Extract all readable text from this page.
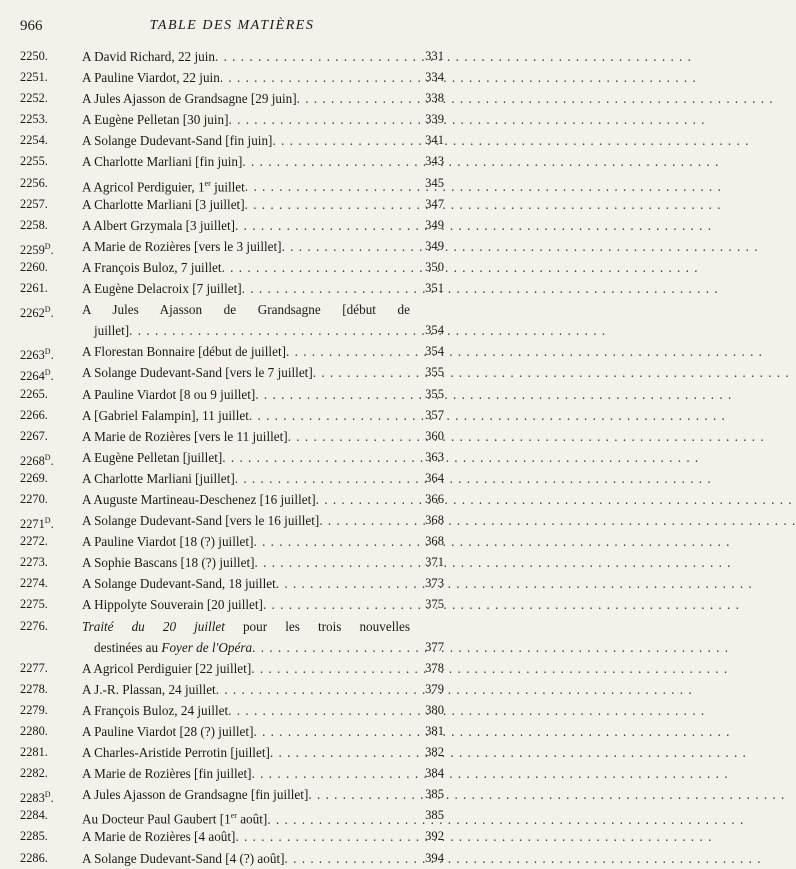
966	TABLE DES MATIÈRES
2250.	A David Richard, 22 juin . . .	331
2251.	A Pauline Viardot, 22 juin . . .	334
2252.	A Jules Ajasson de Grandsagne [29 juin] . . .	338
2253.	A Eugène Pelletan [30 juin] . . .	339
2254.	A Solange Dudevant-Sand [fin juin] . . .	341
2255.	A Charlotte Marliani [fin juin] . . .	343
2256.	A Agricol Perdiguier, 1er juillet . . .	345
2257.	A Charlotte Marliani [3 juillet] . . .	347
2258.	A Albert Grzymala [3 juillet] . . .	349
$2259^D$.	A Marie de Rozières [vers le 3 juillet] . . .	349
2260.	A François Buloz, 7 juillet . . .	350
2261.	A Eugène Delacroix [7 juillet] . . .	351
$2262^D$.	A Jules Ajasson de Grandsagne [début de
juillet] . . .	354
$2263^D$.	A Florestan Bonnaire [début de juillet] . . .	354
$2264^D$.	A Solange Dudevant-Sand [vers le 7 juillet] . . .	355
2265.	A Pauline Viardot [8 ou 9 juillet] . . .	355
2266.	A [Gabriel Falampin], 11 juillet . . .	357
2267.	A Marie de Rozières [vers le 11 juillet] . . .	360
$2268^D$.	A Eugène Pelletan [juillet] . . .	363
2269.	A Charlotte Marliani [juillet] . . .	364
2270.	A Auguste Martineau-Deschenez [16 juillet] . . .	366
$2271^D$.	A Solange Dudevant-Sand [vers le 16 juillet] . . .	368
2272.	A Pauline Viardot [18 (?) juillet] . . .	368
2273.	A Sophie Bascans [18 (?) juillet] . . .	371
2274.	A Solange Dudevant-Sand, 18 juillet . . .	373
2275.	A Hippolyte Souverain [20 juillet] . . .	375
2276.	Traité du 20 juillet pour les trois nouvelles
destinées au Foyer de l'Opéra . . .	377
2277.	A Agricol Perdiguier [22 juillet] . . .	378
2278.	A J.-R. Plassan, 24 juillet . . .	379
2279.	A François Buloz, 24 juillet . . .	380
2280.	A Pauline Viardot [28 (?) juillet] . . .	381
2281.	A Charles-Aristide Perrotin [juillet] . . .	382
2282.	A Marie de Rozières [fin juillet] . . .	384
$2283^D$.	A Jules Ajasson de Grandsagne [fin juillet] . . .	385
2284.	Au Docteur Paul Gaubert [1er août] . . .	385
2285.	A Marie de Rozières [4 août] . . .	392
2286.	A Solange Dudevant-Sand [4 (?) août] . . .	394
